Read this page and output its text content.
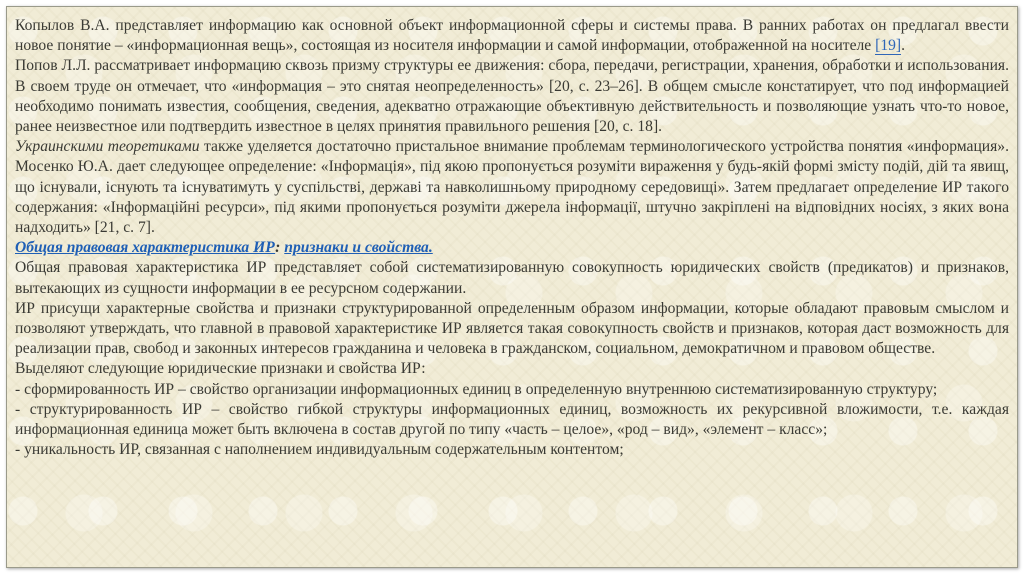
Копылов В.А. представляет информацию как основной объект информационной сферы и системы права. В ранних работах он предлагал ввести новое понятие – «информационная вещь», состоящая из носителя информации и самой информации, отображенной на носителе [19].

Попов Л.Л. рассматривает информацию сквозь призму структуры ее движения: сбора, передачи, регистрации, хранения, обработки и использования. В своем труде он отмечает, что «информация – это снятая неопределенность» [20, с. 23–26]. В общем смысле констатирует, что под информацией необходимо понимать известия, сообщения, сведения, адекватно отражающие объективную действительность и позволяющие узнать что-то новое, ранее неизвестное или подтвердить известное в целях принятия правильного решения [20, с. 18].

Украинскими теоретиками также уделяется достаточно пристальное внимание проблемам терминологического устройства понятия «информация». Мосенко Ю.А. дает следующее определение: «Інформація», під якою пропонується розуміти вираження у будь-якій формі змісту подій, дій та явищ, що існували, існують та існуватимуть у суспільстві, державі та навколишньому природному середовищі». Затем предлагает определение ИР такого содержания: «Інформаційні ресурси», під якими пропонується розуміти джерела інформації, штучно закріплені на відповідних носіях, з яких вона надходить» [21, с. 7].

Общая правовая характеристика ИР: признаки и свойства.

Общая правовая характеристика ИР представляет собой систематизированную совокупность юридических свойств (предикатов) и признаков, вытекающих из сущности информации в ее ресурсном содержании.

ИР присущи характерные свойства и признаки структурированной определенным образом информации, которые обладают правовым смыслом и позволяют утверждать, что главной в правовой характеристике ИР является такая совокупность свойств и признаков, которая даст возможность для реализации прав, свобод и законных интересов гражданина и человека в гражданском, социальном, демократичном и правовом обществе.

Выделяют следующие юридические признаки и свойства ИР:

- сформированность ИР – свойство организации информационных единиц в определенную внутреннюю систематизированную структуру;

- структурированность ИР – свойство гибкой структуры информационных единиц, возможность их рекурсивной вложимости, т.е. каждая информационная единица может быть включена в состав другой по типу «часть – целое», «род – вид», «элемент – класс»;

- уникальность ИР, связанная с наполнением индивидуальным содержательным контентом;
